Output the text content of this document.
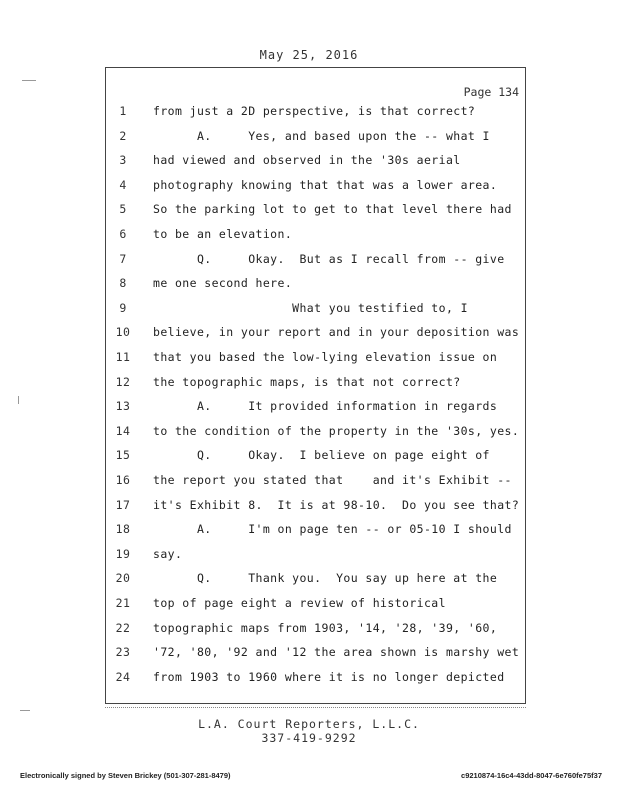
May 25, 2016
Page 134
1	from just a 2D perspective, is that correct?
2	A.     Yes, and based upon the -- what I
3	had viewed and observed in the '30s aerial
4	photography knowing that that was a lower area.
5	So the parking lot to get to that level there had
6	to be an elevation.
7	Q.     Okay.  But as I recall from -- give
8	me one second here.
9	What you testified to, I
10	believe, in your report and in your deposition was
11	that you based the low-lying elevation issue on
12	the topographic maps, is that not correct?
13	A.     It provided information in regards
14	to the condition of the property in the '30s, yes.
15	Q.     Okay.  I believe on page eight of
16	the report you stated that    and it's Exhibit --
17	it's Exhibit 8.  It is at 98-10.  Do you see that?
18	A.     I'm on page ten -- or 05-10 I should
19	say.
20	Q.     Thank you.  You say up here at the
21	top of page eight a review of historical
22	topographic maps from 1903, '14, '28, '39, '60,
23	'72, '80, '92 and '12 the area shown is marshy wet
24	from 1903 to 1960 where it is no longer depicted
L.A. Court Reporters, L.L.C.
337-419-9292
Electronically signed by Steven Brickey (501-307-281-8479)	c9210874-16c4-43dd-8047-6e760fe75f37
